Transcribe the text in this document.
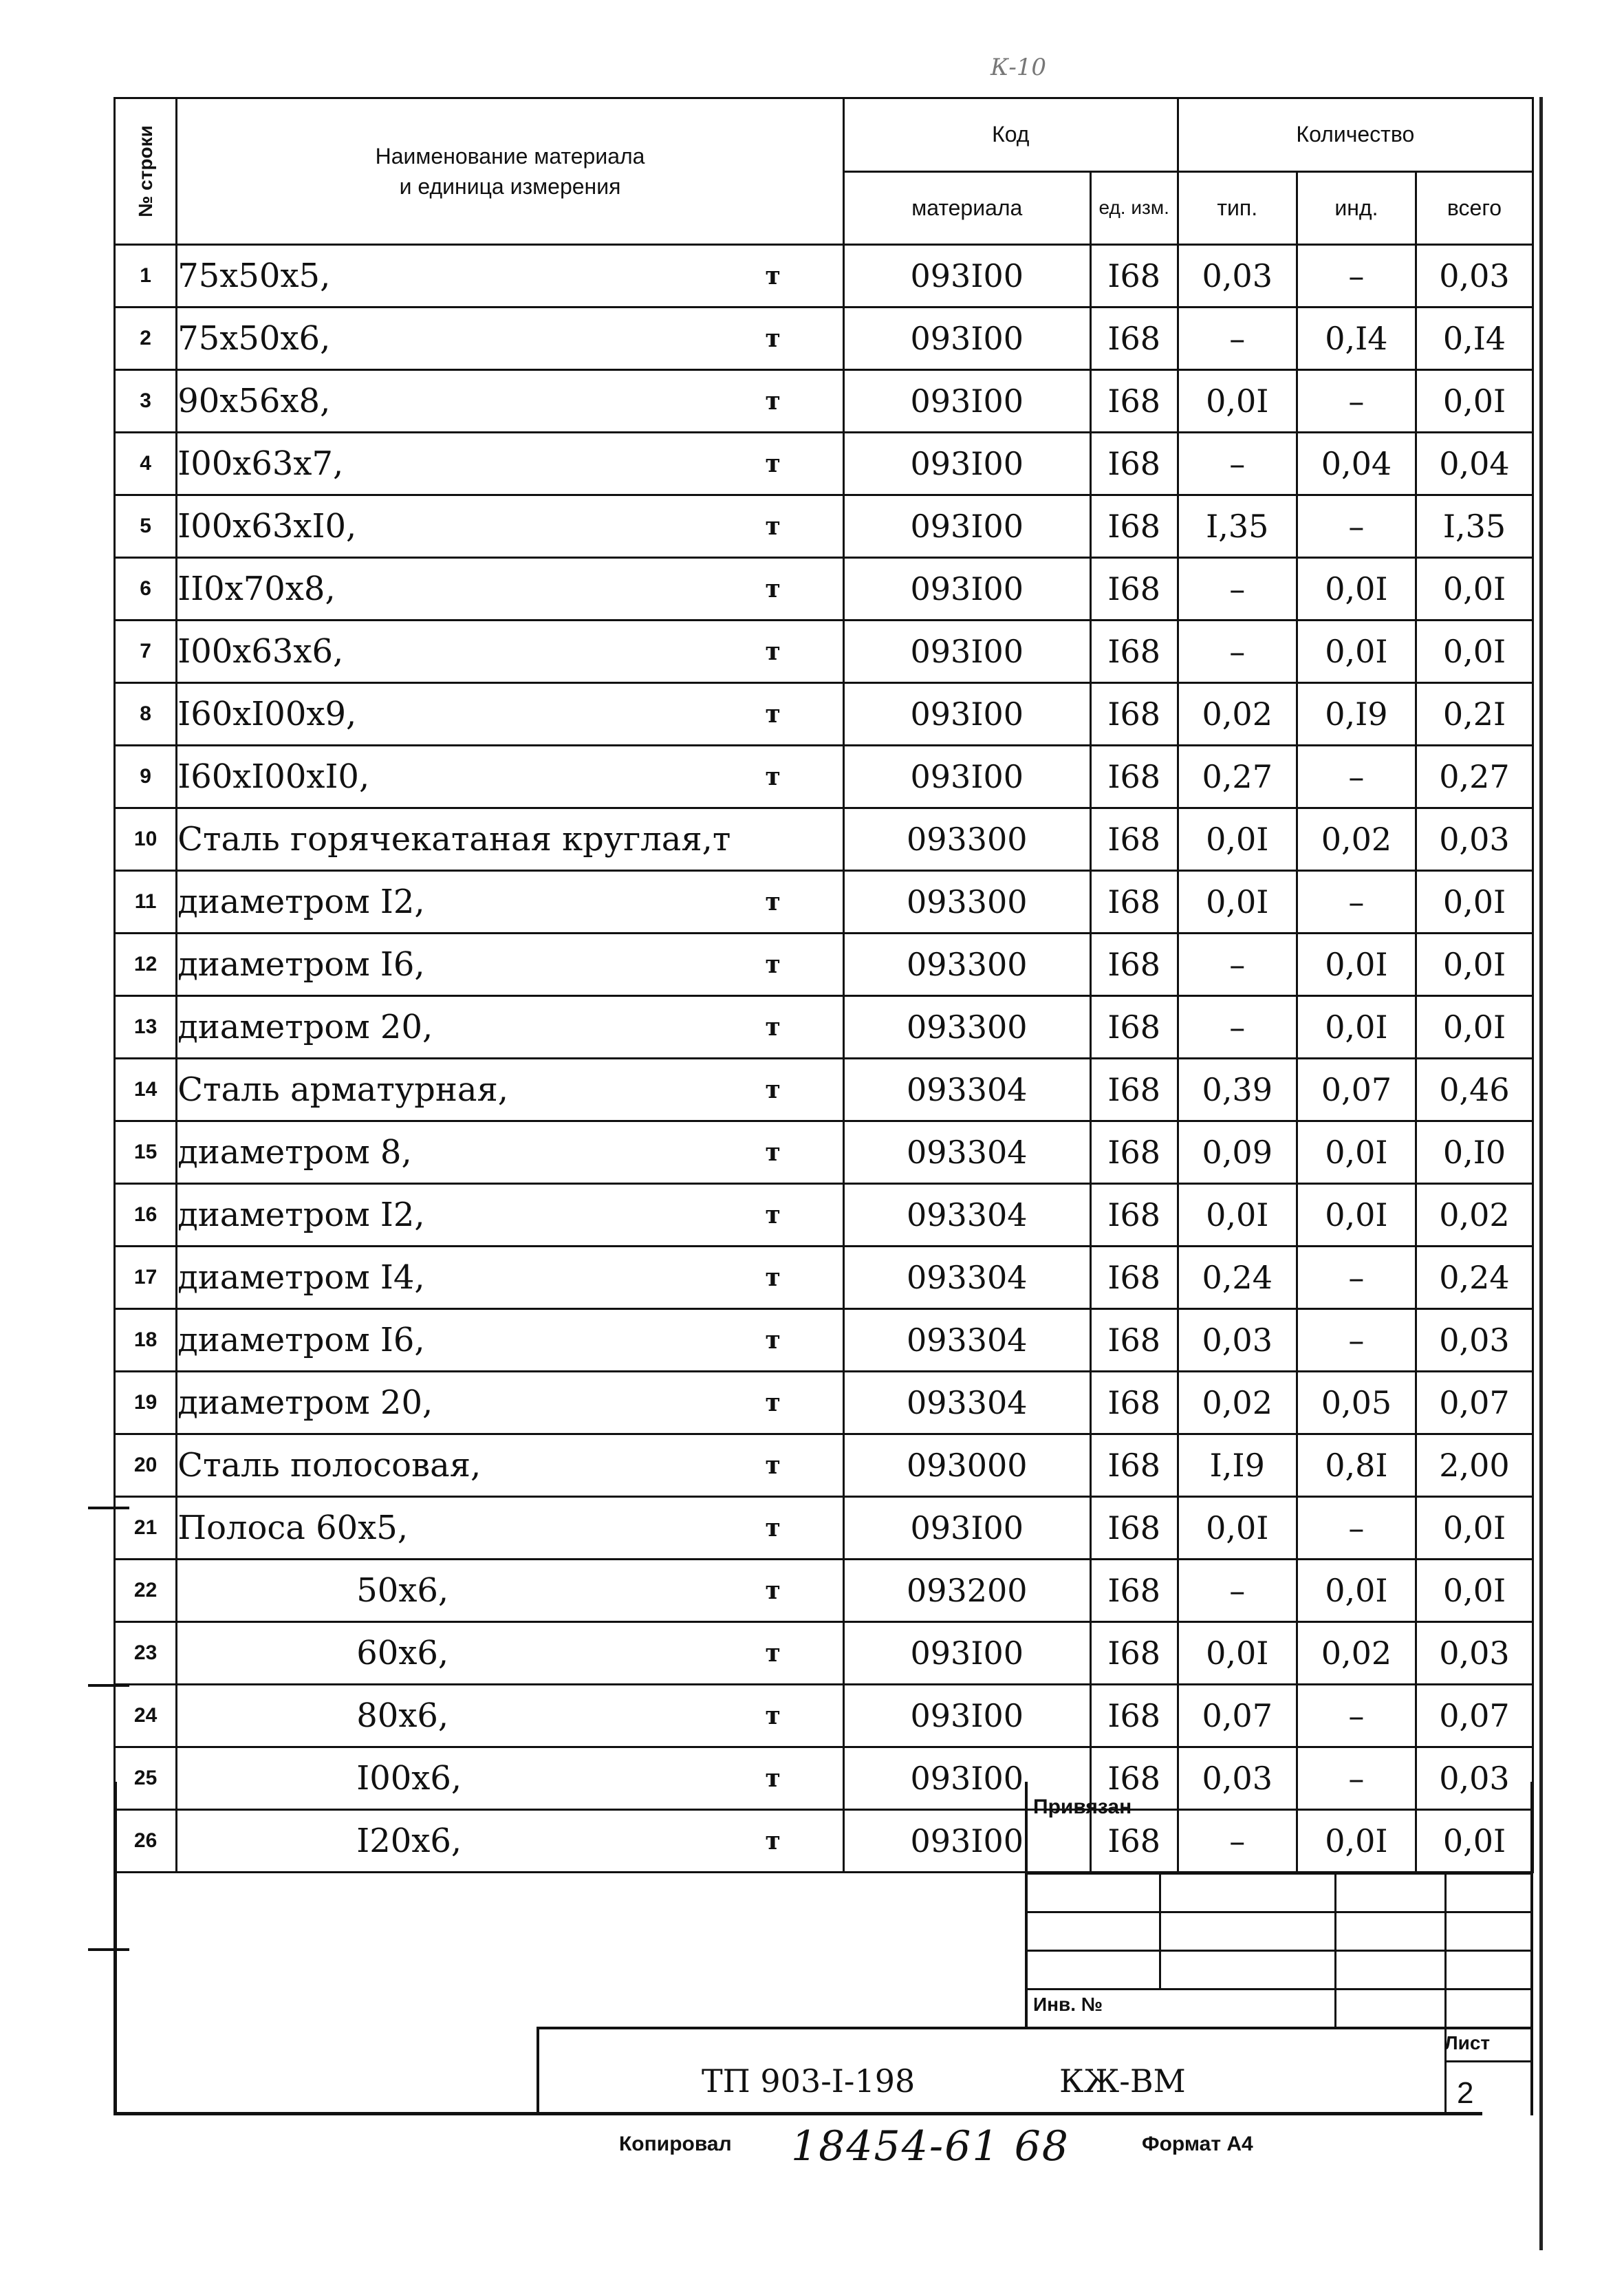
К-10
№ строки	Наименование материала
и единица измерения	Код		Количество		
		материала	ед. изм.	тип.	инд.	всего
1	75x50x5, т	093I00	I68	0,03	–	0,03
2	75x50x6, т	093I00	I68	–	0,I4	0,I4
3	90x56x8, т	093I00	I68	0,0I	–	0,0I
4	I00x63x7, т	093I00	I68	–	0,04	0,04
5	I00x63xI0, т	093I00	I68	I,35	–	I,35
6	II0x70x8, т	093I00	I68	–	0,0I	0,0I
7	I00x63x6, т	093I00	I68	–	0,0I	0,0I
8	I60xI00x9, т	093I00	I68	0,02	0,I9	0,2I
9	I60xI00xI0, т	093I00	I68	0,27	–	0,27
10	Сталь горячекатаная круглая,т	093300	I68	0,0I	0,02	0,03
11	диаметром I2, т	093300	I68	0,0I	–	0,0I
12	диаметром I6, т	093300	I68	–	0,0I	0,0I
13	диаметром 20, т	093300	I68	–	0,0I	0,0I
14	Сталь арматурная, т	093304	I68	0,39	0,07	0,46
15	диаметром 8, т	093304	I68	0,09	0,0I	0,I0
16	диаметром I2, т	093304	I68	0,0I	0,0I	0,02
17	диаметром I4, т	093304	I68	0,24	–	0,24
18	диаметром I6, т	093304	I68	0,03	–	0,03
19	диаметром 20, т	093304	I68	0,02	0,05	0,07
20	Сталь полосовая, т	093000	I68	I,I9	0,8I	2,00
21	Полоса 60x5, т	093I00	I68	0,0I	–	0,0I
22	50x6, т	093200	I68	–	0,0I	0,0I
23	60x6, т	093I00	I68	0,0I	0,02	0,03
24	80x6, т	093I00	I68	0,07	–	0,07
25	I00x6, т	093I00	I68	0,03	–	0,03
26	I20x6, т	093I00	I68	–	0,0I	0,0I
Привязан
Инв. №
ТП 903-I-198	КЖ-ВМ
Лист
2
Копировал 18454-61 68	Формат А4
